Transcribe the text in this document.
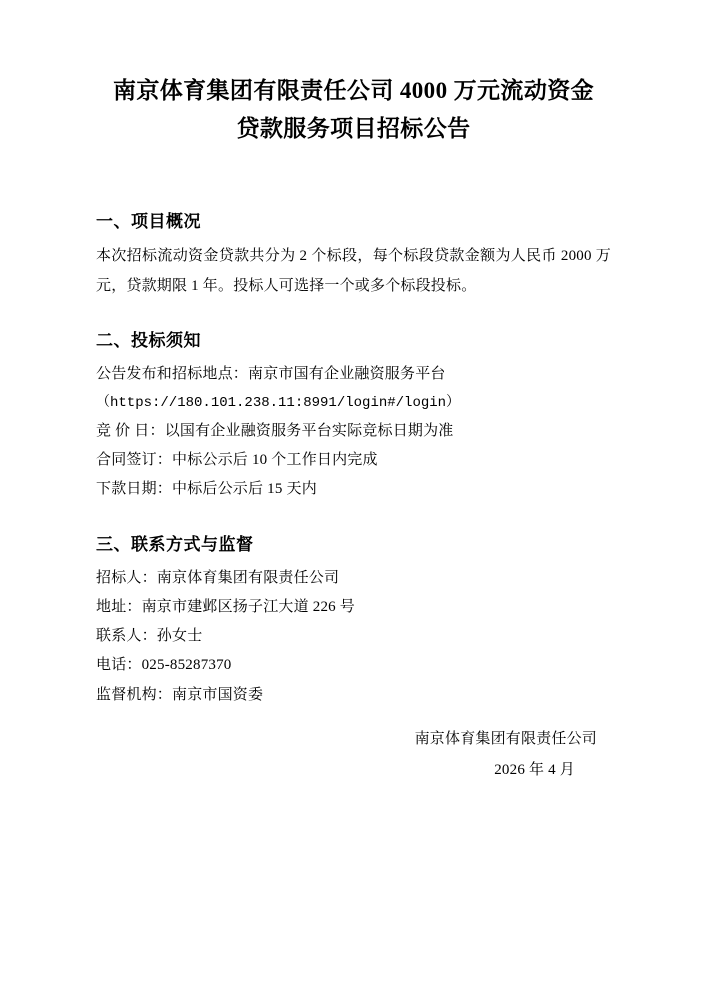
南京体育集团有限责任公司 4000 万元流动资金贷款服务项目招标公告
一、项目概况

本次招标流动资金贷款共分为 2 个标段，每个标段贷款金额为人民币 2000 万元，贷款期限 1 年。投标人可选择一个或多个标段投标。

二、投标须知

公告发布和招标地点：南京市国有企业融资服务平台

（https://180.101.238.11:8991/login#/login）

竞 价 日：以国有企业融资服务平台实际竞标日期为准

合同签订：中标公示后 10 个工作日内完成

下款日期：中标后公示后 15 天内

三、联系方式与监督

招标人：南京体育集团有限责任公司

地址：南京市建邺区扬子江大道 226 号

联系人：孙女士

电话：025-85287370

监督机构：南京市国资委

南京体育集团有限责任公司

2026 年 4 月
